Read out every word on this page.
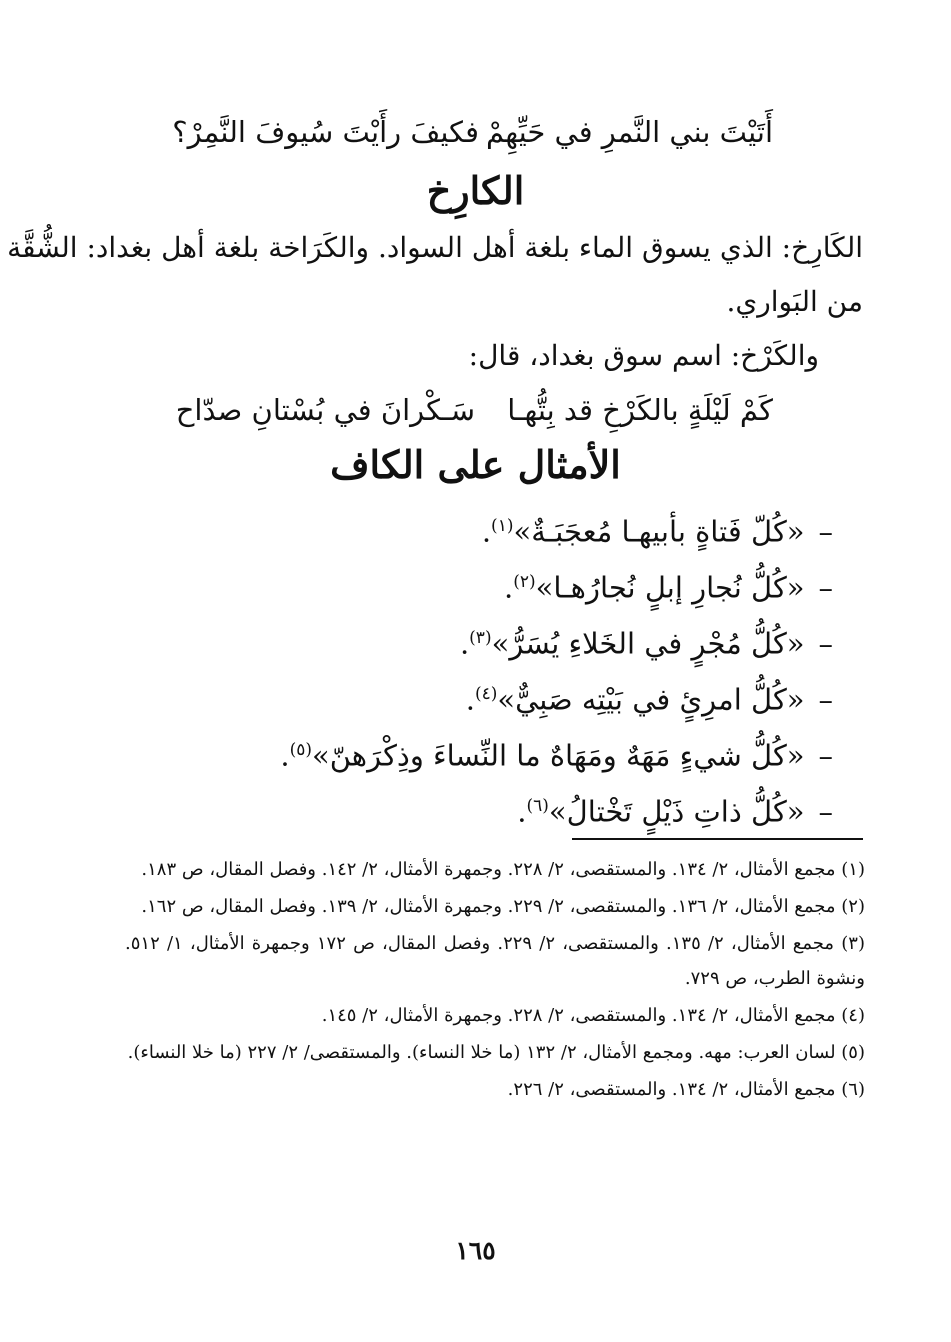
أَتَيْتَ بني النَّمرِ في حَيِّهِمْ
فكيفَ رأَيْتَ سُيوفَ النَّمِرْ؟
الكارِخ
الكَارِخ: الذي يسوق الماء بلغة أهل السواد. والكَرَاخة بلغة أهل بغداد: الشُّقَّة
من البَواري.
والكَرْخ: اسم سوق بغداد، قال:
كَمْ لَيْلَةٍ بالكَرْخِ قد بِتُّهـا
سَـكْرانَ في بُسْتانِ صدّاح
الأمثال على الكاف
–«كُلّ فَتاةٍ بأبيهـا مُعجَبَـةٌ»$^{(١)}$.
–«كُلُّ نُجارِ إبلٍ نُجارُهـا»$^{(٢)}$.
–«كُلُّ مُجْرٍ في الخَلاءِ يُسَرُّ»$^{(٣)}$.
–«كُلُّ امرِئٍ في بَيْتِه صَبِيٌّ»$^{(٤)}$.
–«كُلُّ شيءٍ مَهَهٌ ومَهَاهٌ ما النِّساءَ وذِكْرَهنّ»$^{(٥)}$.
–«كُلُّ ذاتِ ذَيْلٍ تَخْتالُ»$^{(٦)}$.

(١) مجمع الأمثال، ٢/ ١٣٤. والمستقصى، ٢/ ٢٢٨. وجمهرة الأمثال، ٢/ ١٤٢. وفصل المقال، ص ١٨٣.

(٢) مجمع الأمثال، ٢/ ١٣٦. والمستقصى، ٢/ ٢٢٩. وجمهرة الأمثال، ٢/ ١٣٩. وفصل المقال، ص ١٦٢.

(٣) مجمع الأمثال، ٢/ ١٣٥. والمستقصى، ٢/ ٢٢٩. وفصل المقال، ص ١٧٢ وجمهرة الأمثال، ١/ ٥١٢. ونشوة الطرب، ص ٧٢٩.

(٤) مجمع الأمثال، ٢/ ١٣٤. والمستقصى، ٢/ ٢٢٨. وجمهرة الأمثال، ٢/ ١٤٥.

(٥) لسان العرب: مهه. ومجمع الأمثال، ٢/ ١٣٢ (ما خلا النساء). والمستقصى/ ٢/ ٢٢٧ (ما خلا النساء).

(٦) مجمع الأمثال، ٢/ ١٣٤. والمستقصى، ٢/ ٢٢٦.

١٦٥
